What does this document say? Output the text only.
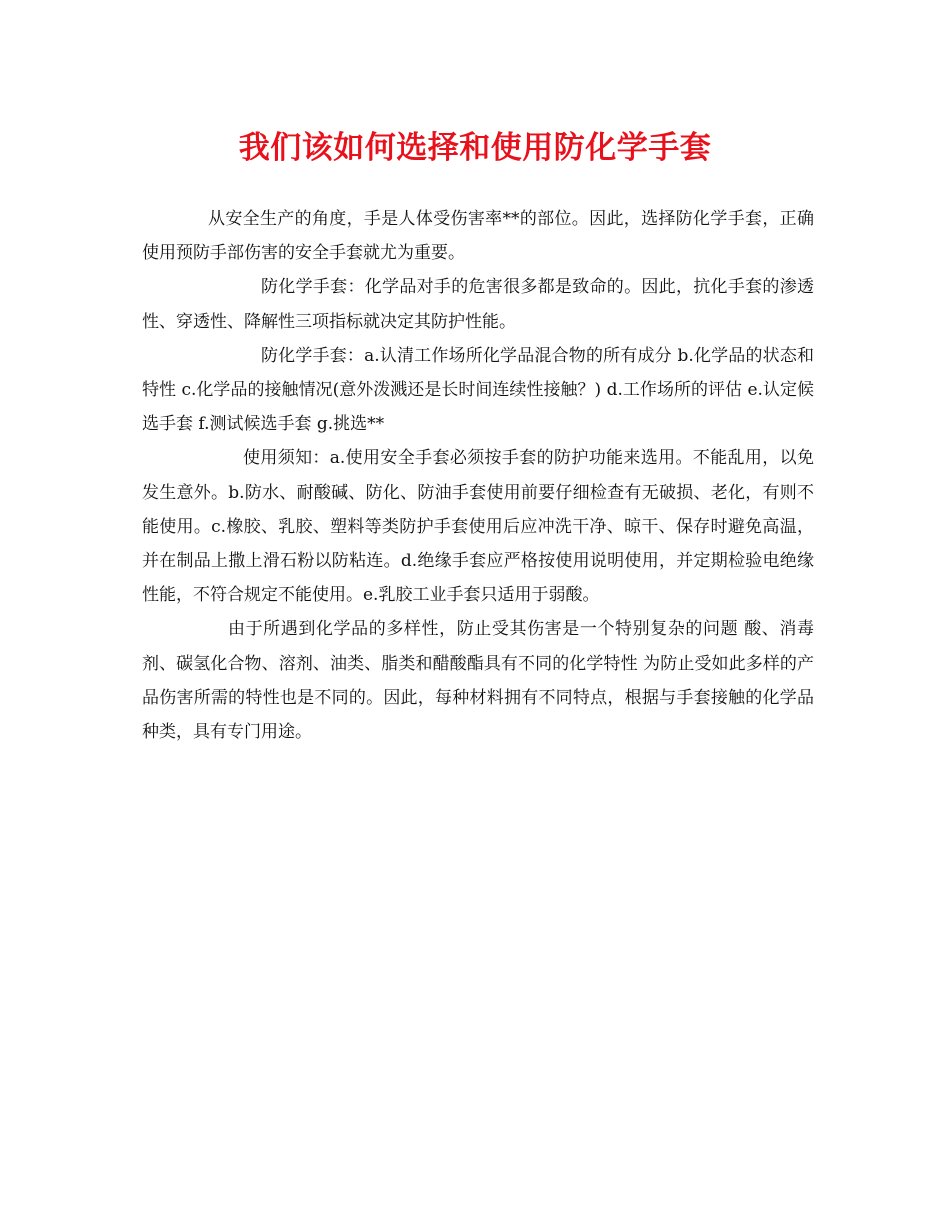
我们该如何选择和使用防化学手套

从安全生产的角度，手是人体受伤害率**的部位。因此，选择防化学手套，正确使用预防手部伤害的安全手套就尤为重要。

防化学手套：化学品对手的危害很多都是致命的。因此，抗化手套的渗透性、穿透性、降解性三项指标就决定其防护性能。

防化学手套：a.认清工作场所化学品混合物的所有成分 b.化学品的状态和特性 c.化学品的接触情况(意外泼溅还是长时间连续性接触？) d.工作场所的评估 e.认定候选手套 f.测试候选手套 g.挑选**

使用须知：a.使用安全手套必须按手套的防护功能来选用。不能乱用，以免发生意外。b.防水、耐酸碱、防化、防油手套使用前要仔细检查有无破损、老化，有则不能使用。c.橡胶、乳胶、塑料等类防护手套使用后应冲洗干净、晾干、保存时避免高温，并在制品上撒上滑石粉以防粘连。d.绝缘手套应严格按使用说明使用，并定期检验电绝缘性能，不符合规定不能使用。e.乳胶工业手套只适用于弱酸。

由于所遇到化学品的多样性，防止受其伤害是一个特别复杂的问题 酸、消毒剂、碳氢化合物、溶剂、油类、脂类和醋酸酯具有不同的化学特性 为防止受如此多样的产品伤害所需的特性也是不同的。因此，每种材料拥有不同特点，根据与手套接触的化学品种类，具有专门用途。
